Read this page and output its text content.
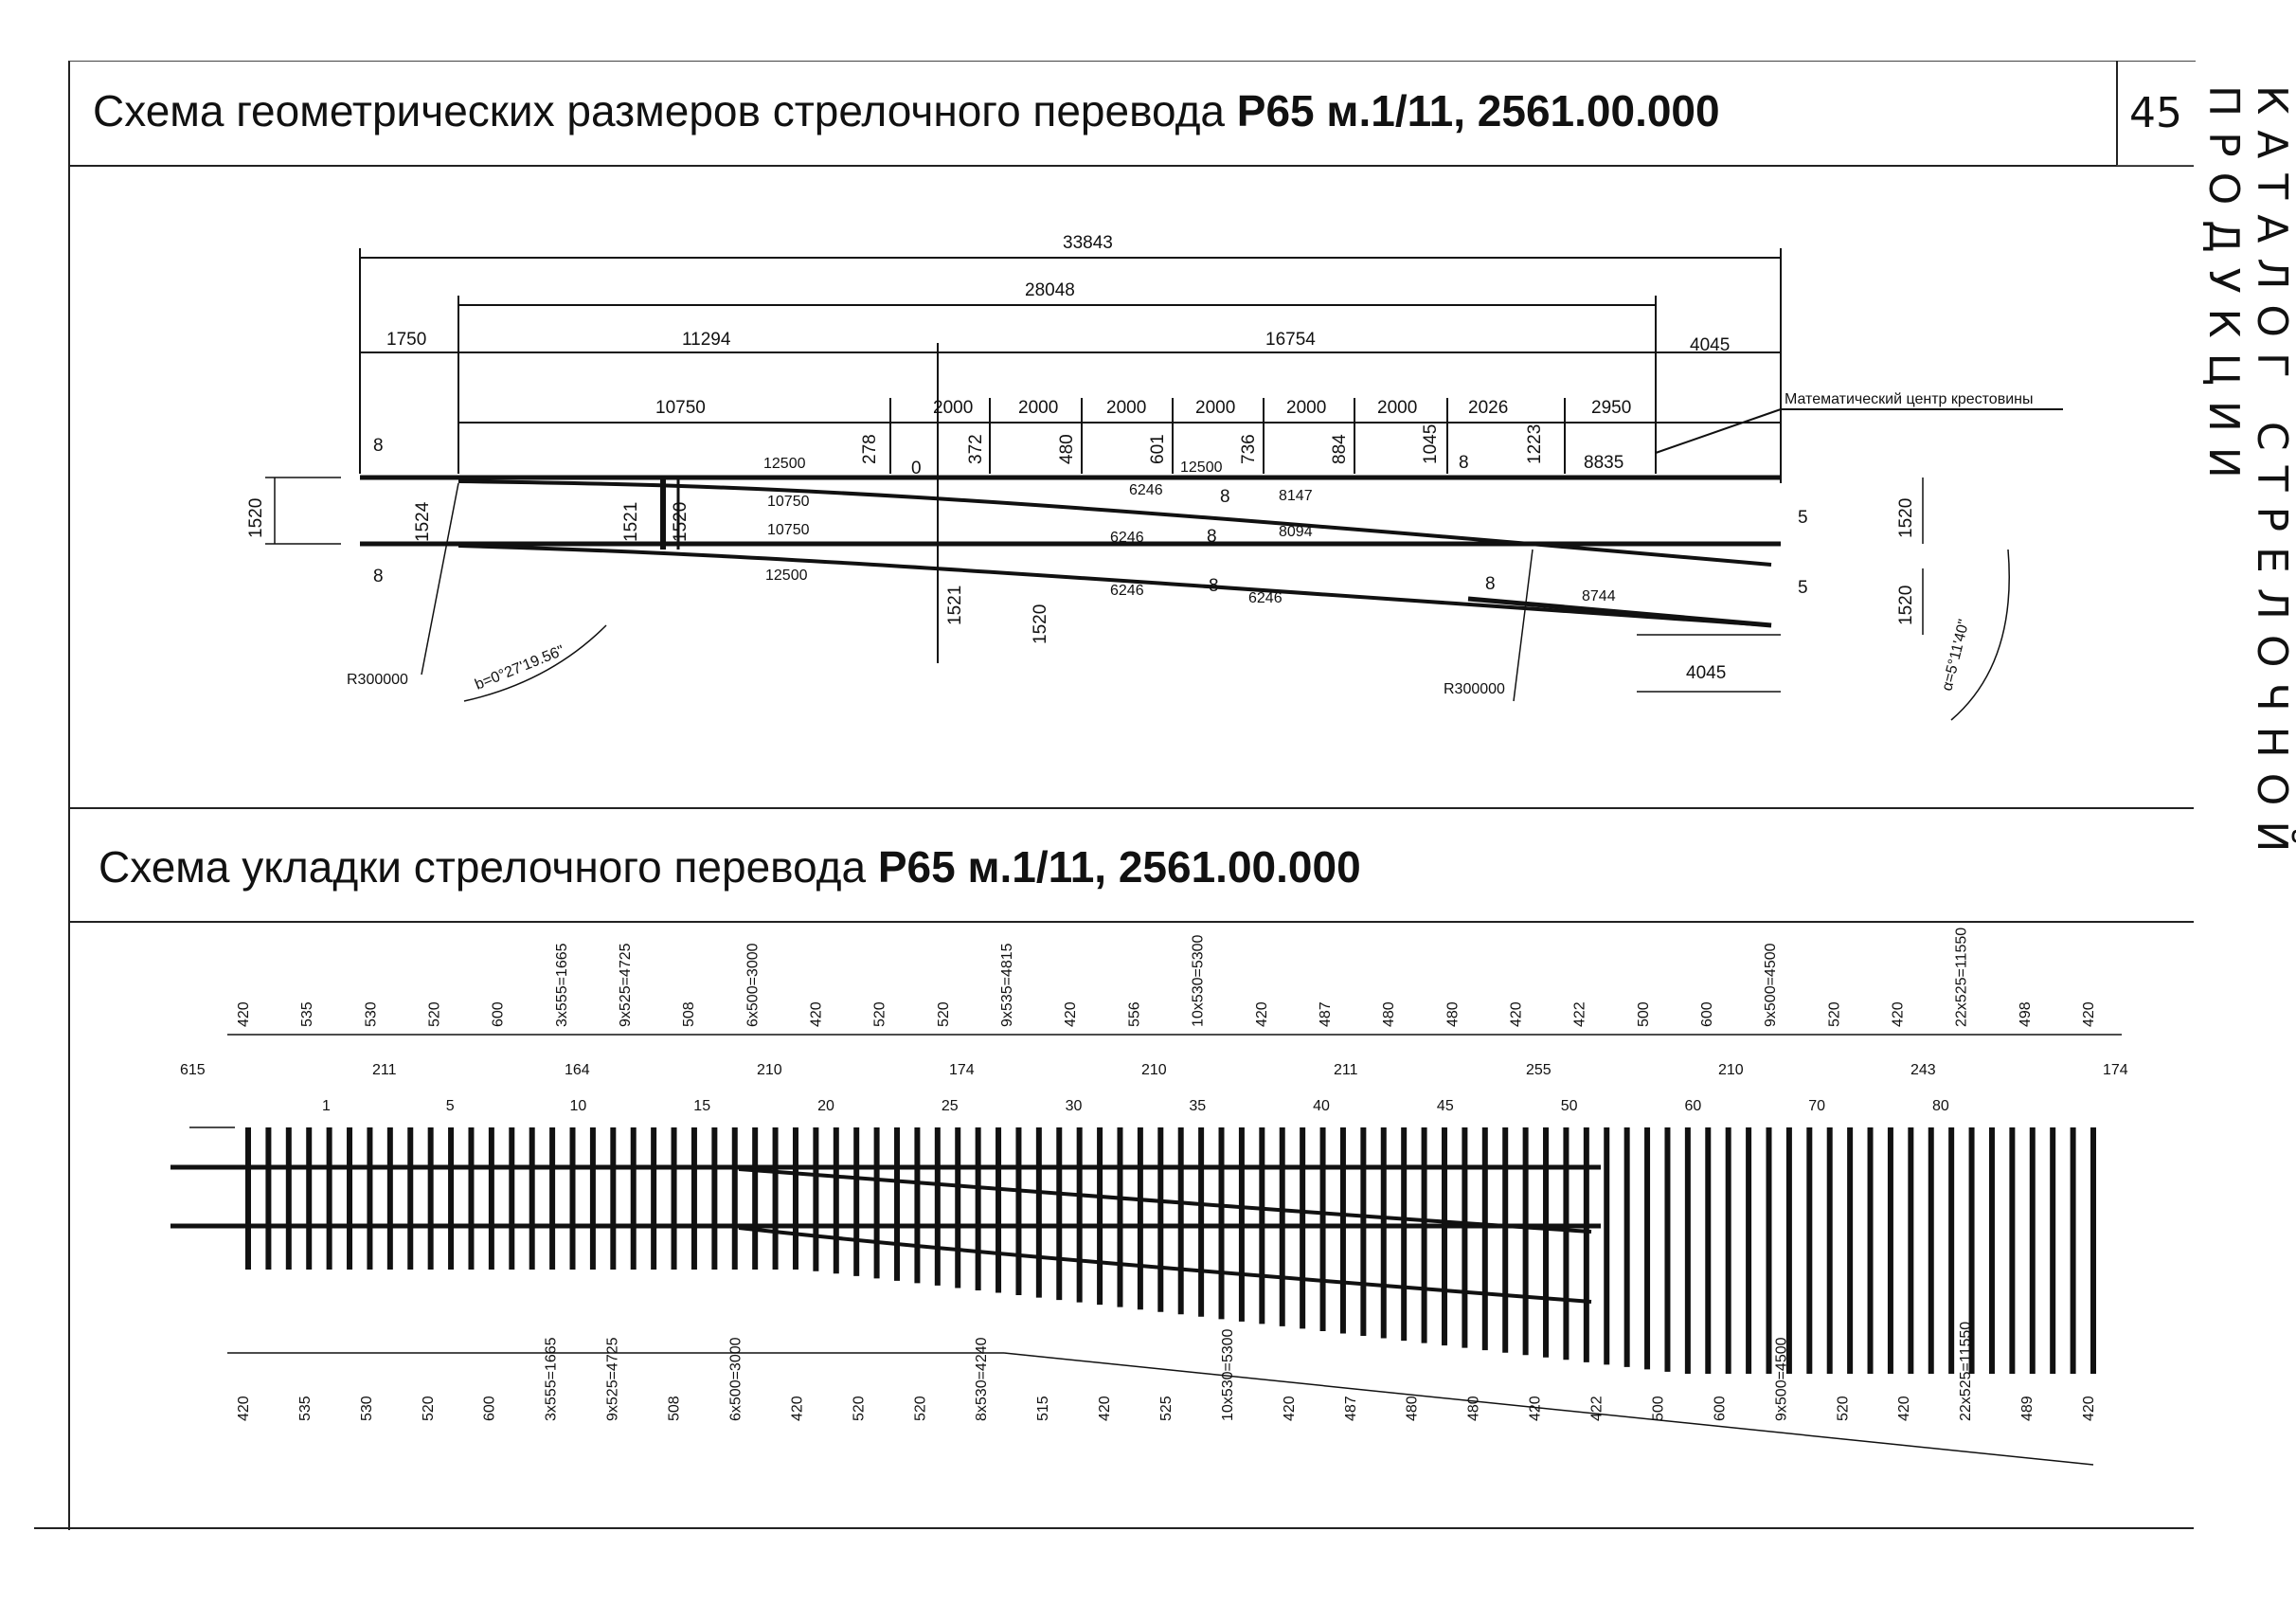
Схема геометрических размеров стрелочного перевода Р65 м.1/11, 2561.00.000
Схема укладки стрелочного перевода Р65 м.1/11, 2561.00.000
45	КАТАЛОГ СТРЕЛОЧНОЙ ПРОДУКЦИИ
33843
28048
1750	11294	16754	4045
10750	2000	2000	2000	2000	2000	2000	2026	2950	Математический центр крестовины
278
0
372	480	601	736	884	1045 8	1223 8835
12500
10750
10750
12500
6246
6246
6246	6246
12500
8147
8094
8744
1520	1524	1521 1520
1521	1520
1520
1520
8
8
8
8
8	8
5
5
R300000
R300000
b=0°27'19.56"	α=5°11'40"
4045
420	535	530	520	600	3x555=1665	9x525=4725	508	6x500=3000	420	520	520	9x535=4815	420	556	10x530=5300	420	487	480	480	420	422	500	600	9x500=4500	520	420	22x525=11550	498	420
420	535	530	520	600	3x555=1665	9x525=4725	508	6x500=3000	420	520	520	8x530=4240	515	420	525	10x530=5300	420	487	480	480	420	422	500	600	9x500=4500	520	420	22x525=11550	489	420
1	5	10	15	20	25	30	35	40	45	50	60	70	80
615	211	164	210	174	210	211	255	210	243	174
